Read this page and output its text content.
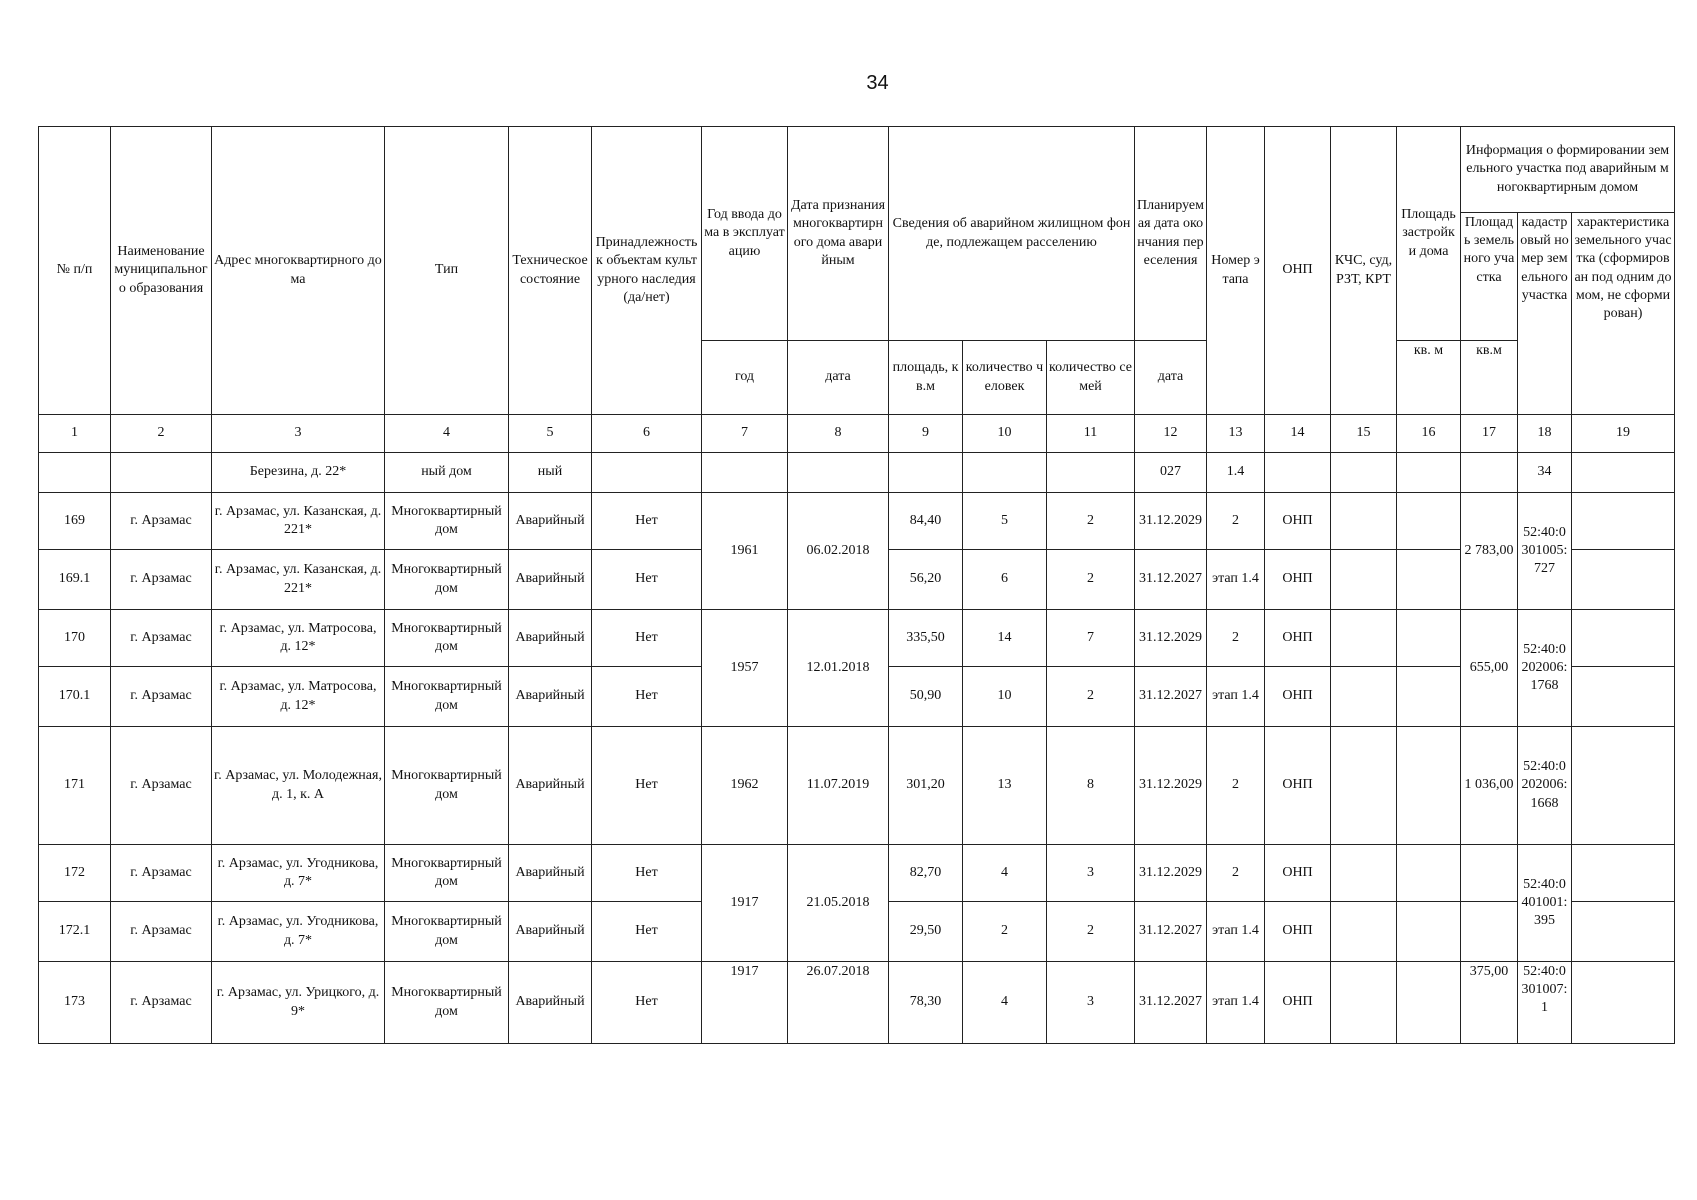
34
№ п/п	Наименование муниципального образования	Адрес многоквартирного дома	Тип	Техническое состояние	Принадлежность к объектам культурного наследия (да/нет)	Год ввода дома в эксплуатацию	Дата признания многоквартирного дома аварийным	Сведения об аварийном жилищном фонде, подлежащем расселению			Планируемая дата окончания переселения	Номер этапа	ОНП	КЧС, суд, РЗТ, КРТ	Площадь застройки дома	Информация о формировании земельного участка под аварийным многоквартирным домом		
																Площадь земельного участка	кадастровый номер земельного участка	характеристика земельного участка (сформирован под одним домом, не сформирован)
						год	дата	площадь, кв.м	количество человек	количество семей	дата				кв. м	кв.м		
1	2	3	4	5	6	7	8	9	10	11	12	13	14	15	16	17	18	19
		Березина, д. 22*	ный дом	ный							027	1.4					34	
169	г. Арзамас	г. Арзамас, ул. Казанская, д. 221*	Многоквартирный дом	Аварийный	Нет	1961	06.02.2018	84,40	5	2	31.12.2029	2	ОНП			2 783,00	52:40:0301005:727	
169.1	г. Арзамас	г. Арзамас, ул. Казанская, д. 221*	Многоквартирный дом	Аварийный	Нет			56,20	6	2	31.12.2027	этап 1.4	ОНП					
170	г. Арзамас	г. Арзамас, ул. Матросова, д. 12*	Многоквартирный дом	Аварийный	Нет	1957	12.01.2018	335,50	14	7	31.12.2029	2	ОНП			655,00	52:40:0202006:1768	
170.1	г. Арзамас	г. Арзамас, ул. Матросова, д. 12*	Многоквартирный дом	Аварийный	Нет			50,90	10	2	31.12.2027	этап 1.4	ОНП					
171	г. Арзамас	г. Арзамас, ул. Молодежная, д. 1, к. А	Многоквартирный дом	Аварийный	Нет	1962	11.07.2019	301,20	13	8	31.12.2029	2	ОНП			1 036,00	52:40:0202006:1668	
172	г. Арзамас	г. Арзамас, ул. Угодникова, д. 7*	Многоквартирный дом	Аварийный	Нет	1917	21.05.2018	82,70	4	3	31.12.2029	2	ОНП				52:40:0401001:395	
172.1	г. Арзамас	г. Арзамас, ул. Угодникова, д. 7*	Многоквартирный дом	Аварийный	Нет			29,50	2	2	31.12.2027	этап 1.4	ОНП					
173	г. Арзамас	г. Арзамас, ул. Урицкого, д. 9*	Многоквартирный дом	Аварийный	Нет	1917	26.07.2018	78,30	4	3	31.12.2027	этап 1.4	ОНП			375,00	52:40:0301007:1	
